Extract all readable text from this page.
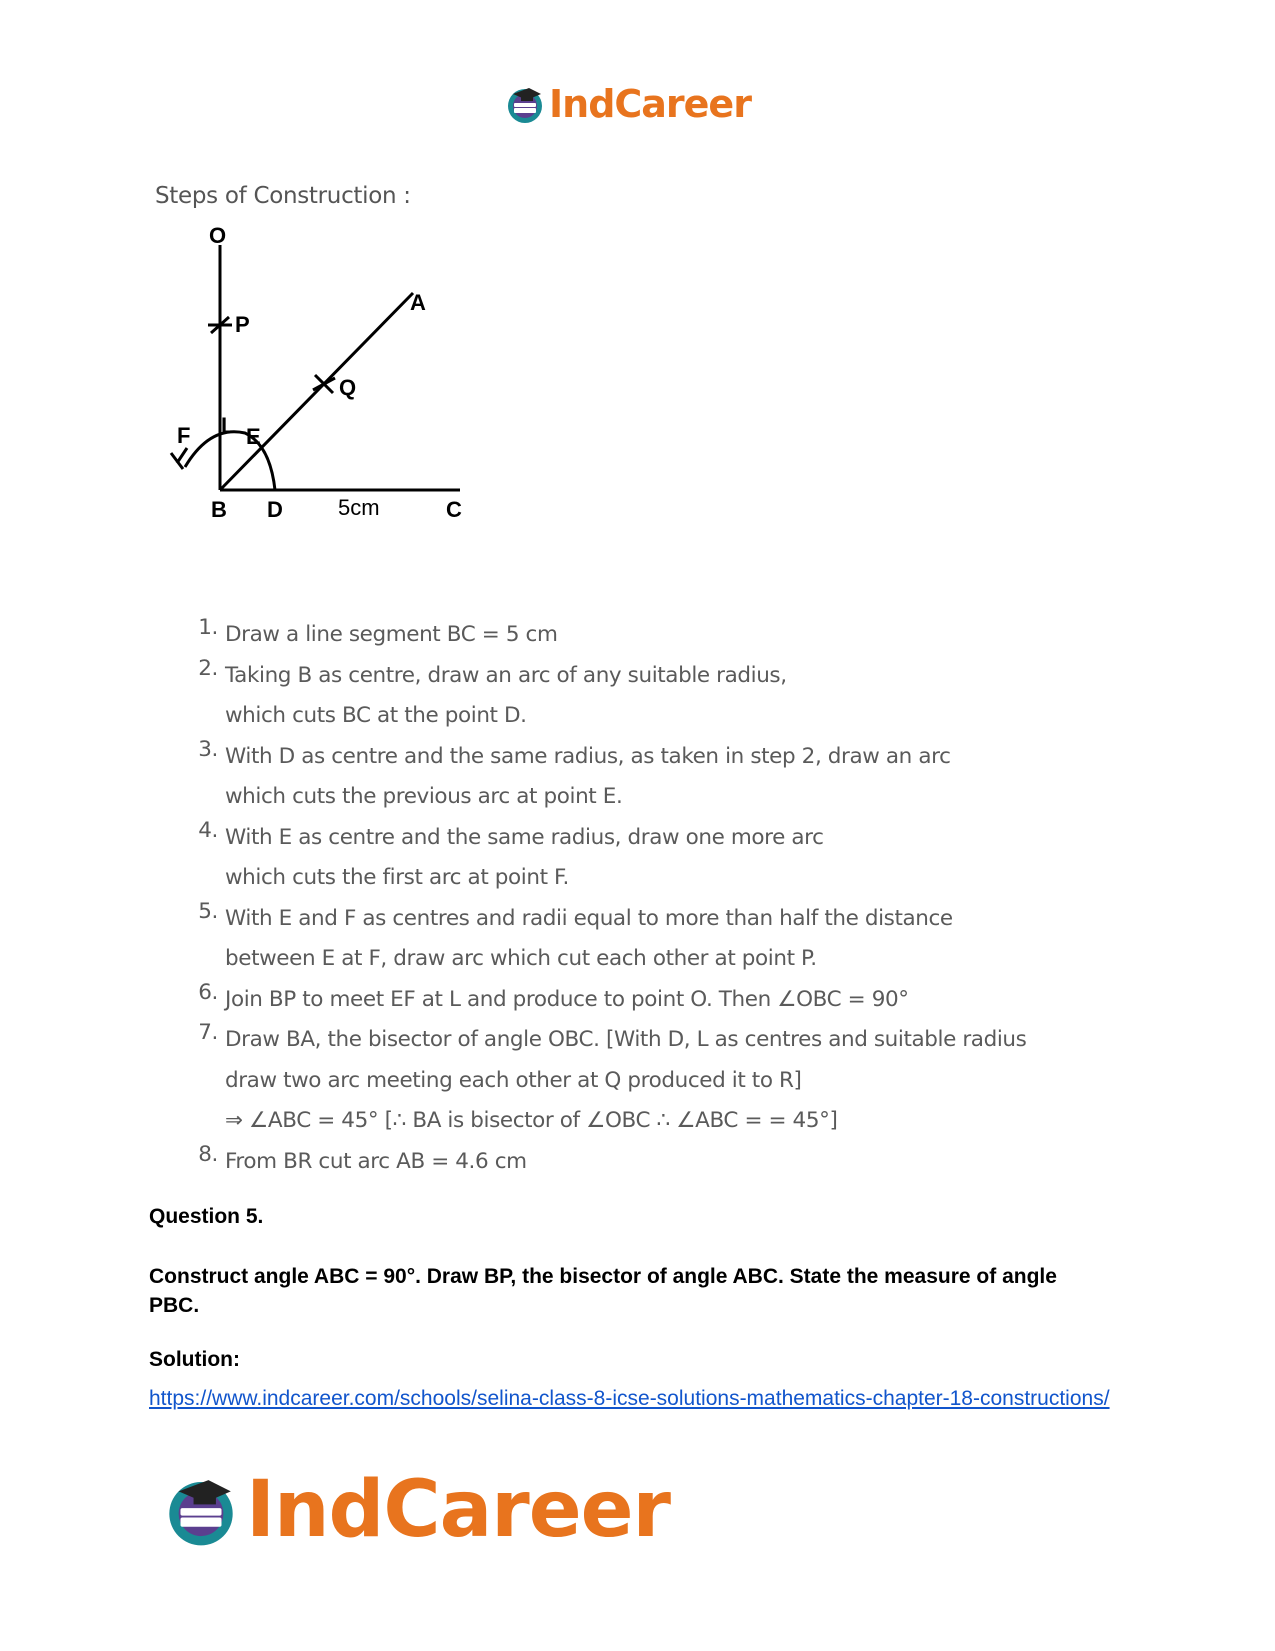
IndCareer
Steps of Construction :
O
P
A
Q
F L E
B D	5cm	C
1. Draw a line segment BC = 5 cm
2. Taking B as centre, draw an arc of any suitable radius,
which cuts BC at the point D.
3. With D as centre and the same radius, as taken in step 2, draw an arc
which cuts the previous arc at point E.
4. With E as centre and the same radius, draw one more arc
which cuts the first arc at point F.
5. With E and F as centres and radii equal to more than half the distance
between E at F, draw arc which cut each other at point P.
6. Join BP to meet EF at L and produce to point O. Then ∠OBC = 90°
7. Draw BA, the bisector of angle OBC. [With D, L as centres and suitable radius
draw two arc meeting each other at Q produced it to R]
⇒ ∠ABC = 45° [∴ BA is bisector of ∠OBC ∴ ∠ABC = = 45°]
8. From BR cut arc AB = 4.6 cm
Question 5.
Construct angle ABC = 90°. Draw BP, the bisector of angle ABC. State the measure of angle PBC.
Solution:
https://www.indcareer.com/schools/selina-class-8-icse-solutions-mathematics-chapter-18-constructions/
IndCareer
